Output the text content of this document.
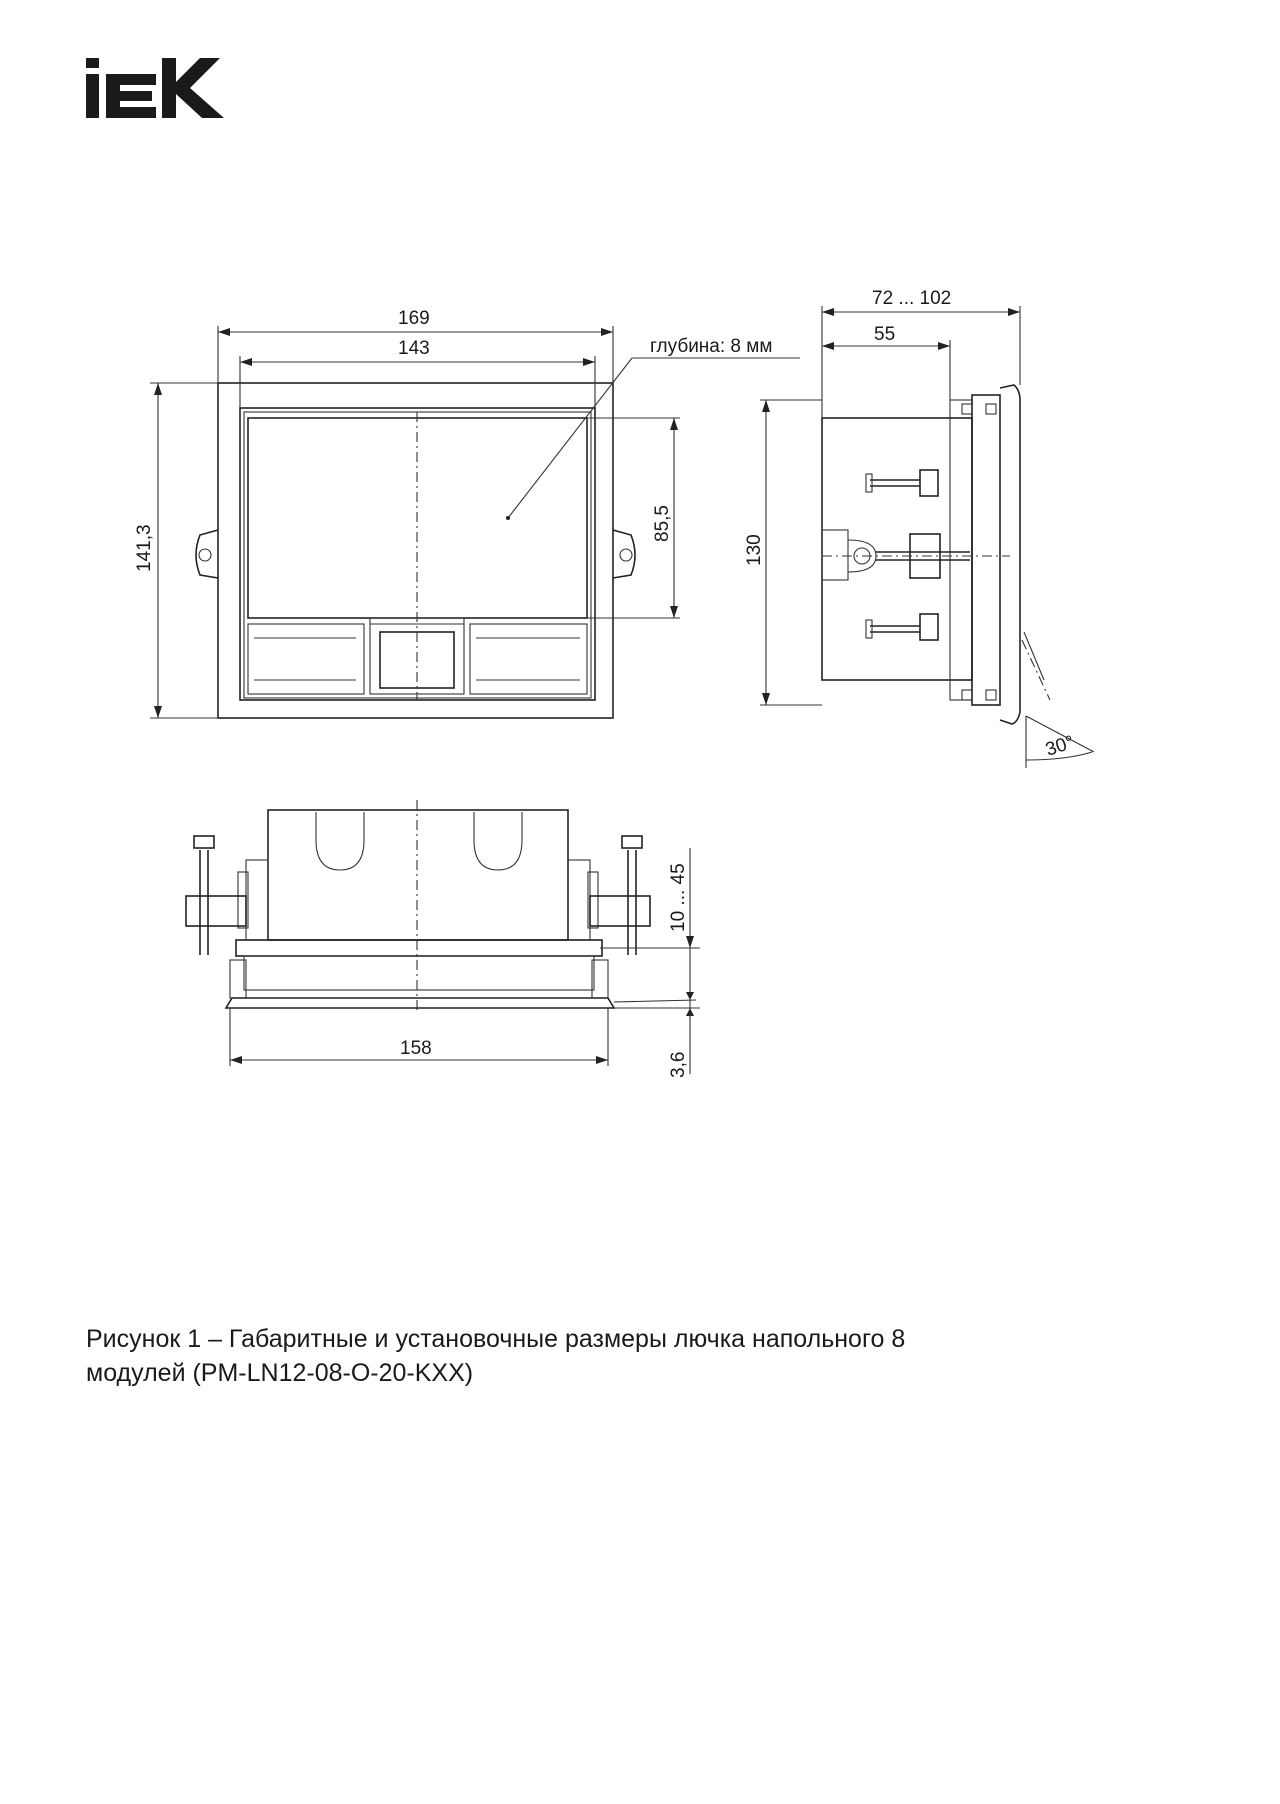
169
143	глубина: 8 мм
141,3
85,5
72 ... 102
55
130
30°
10 ... 45
158
3,6
Рисунок 1 – Габаритные и установочные размеры лючка напольного 8
модулей (PM-LN12-08-O-20-KXX)
